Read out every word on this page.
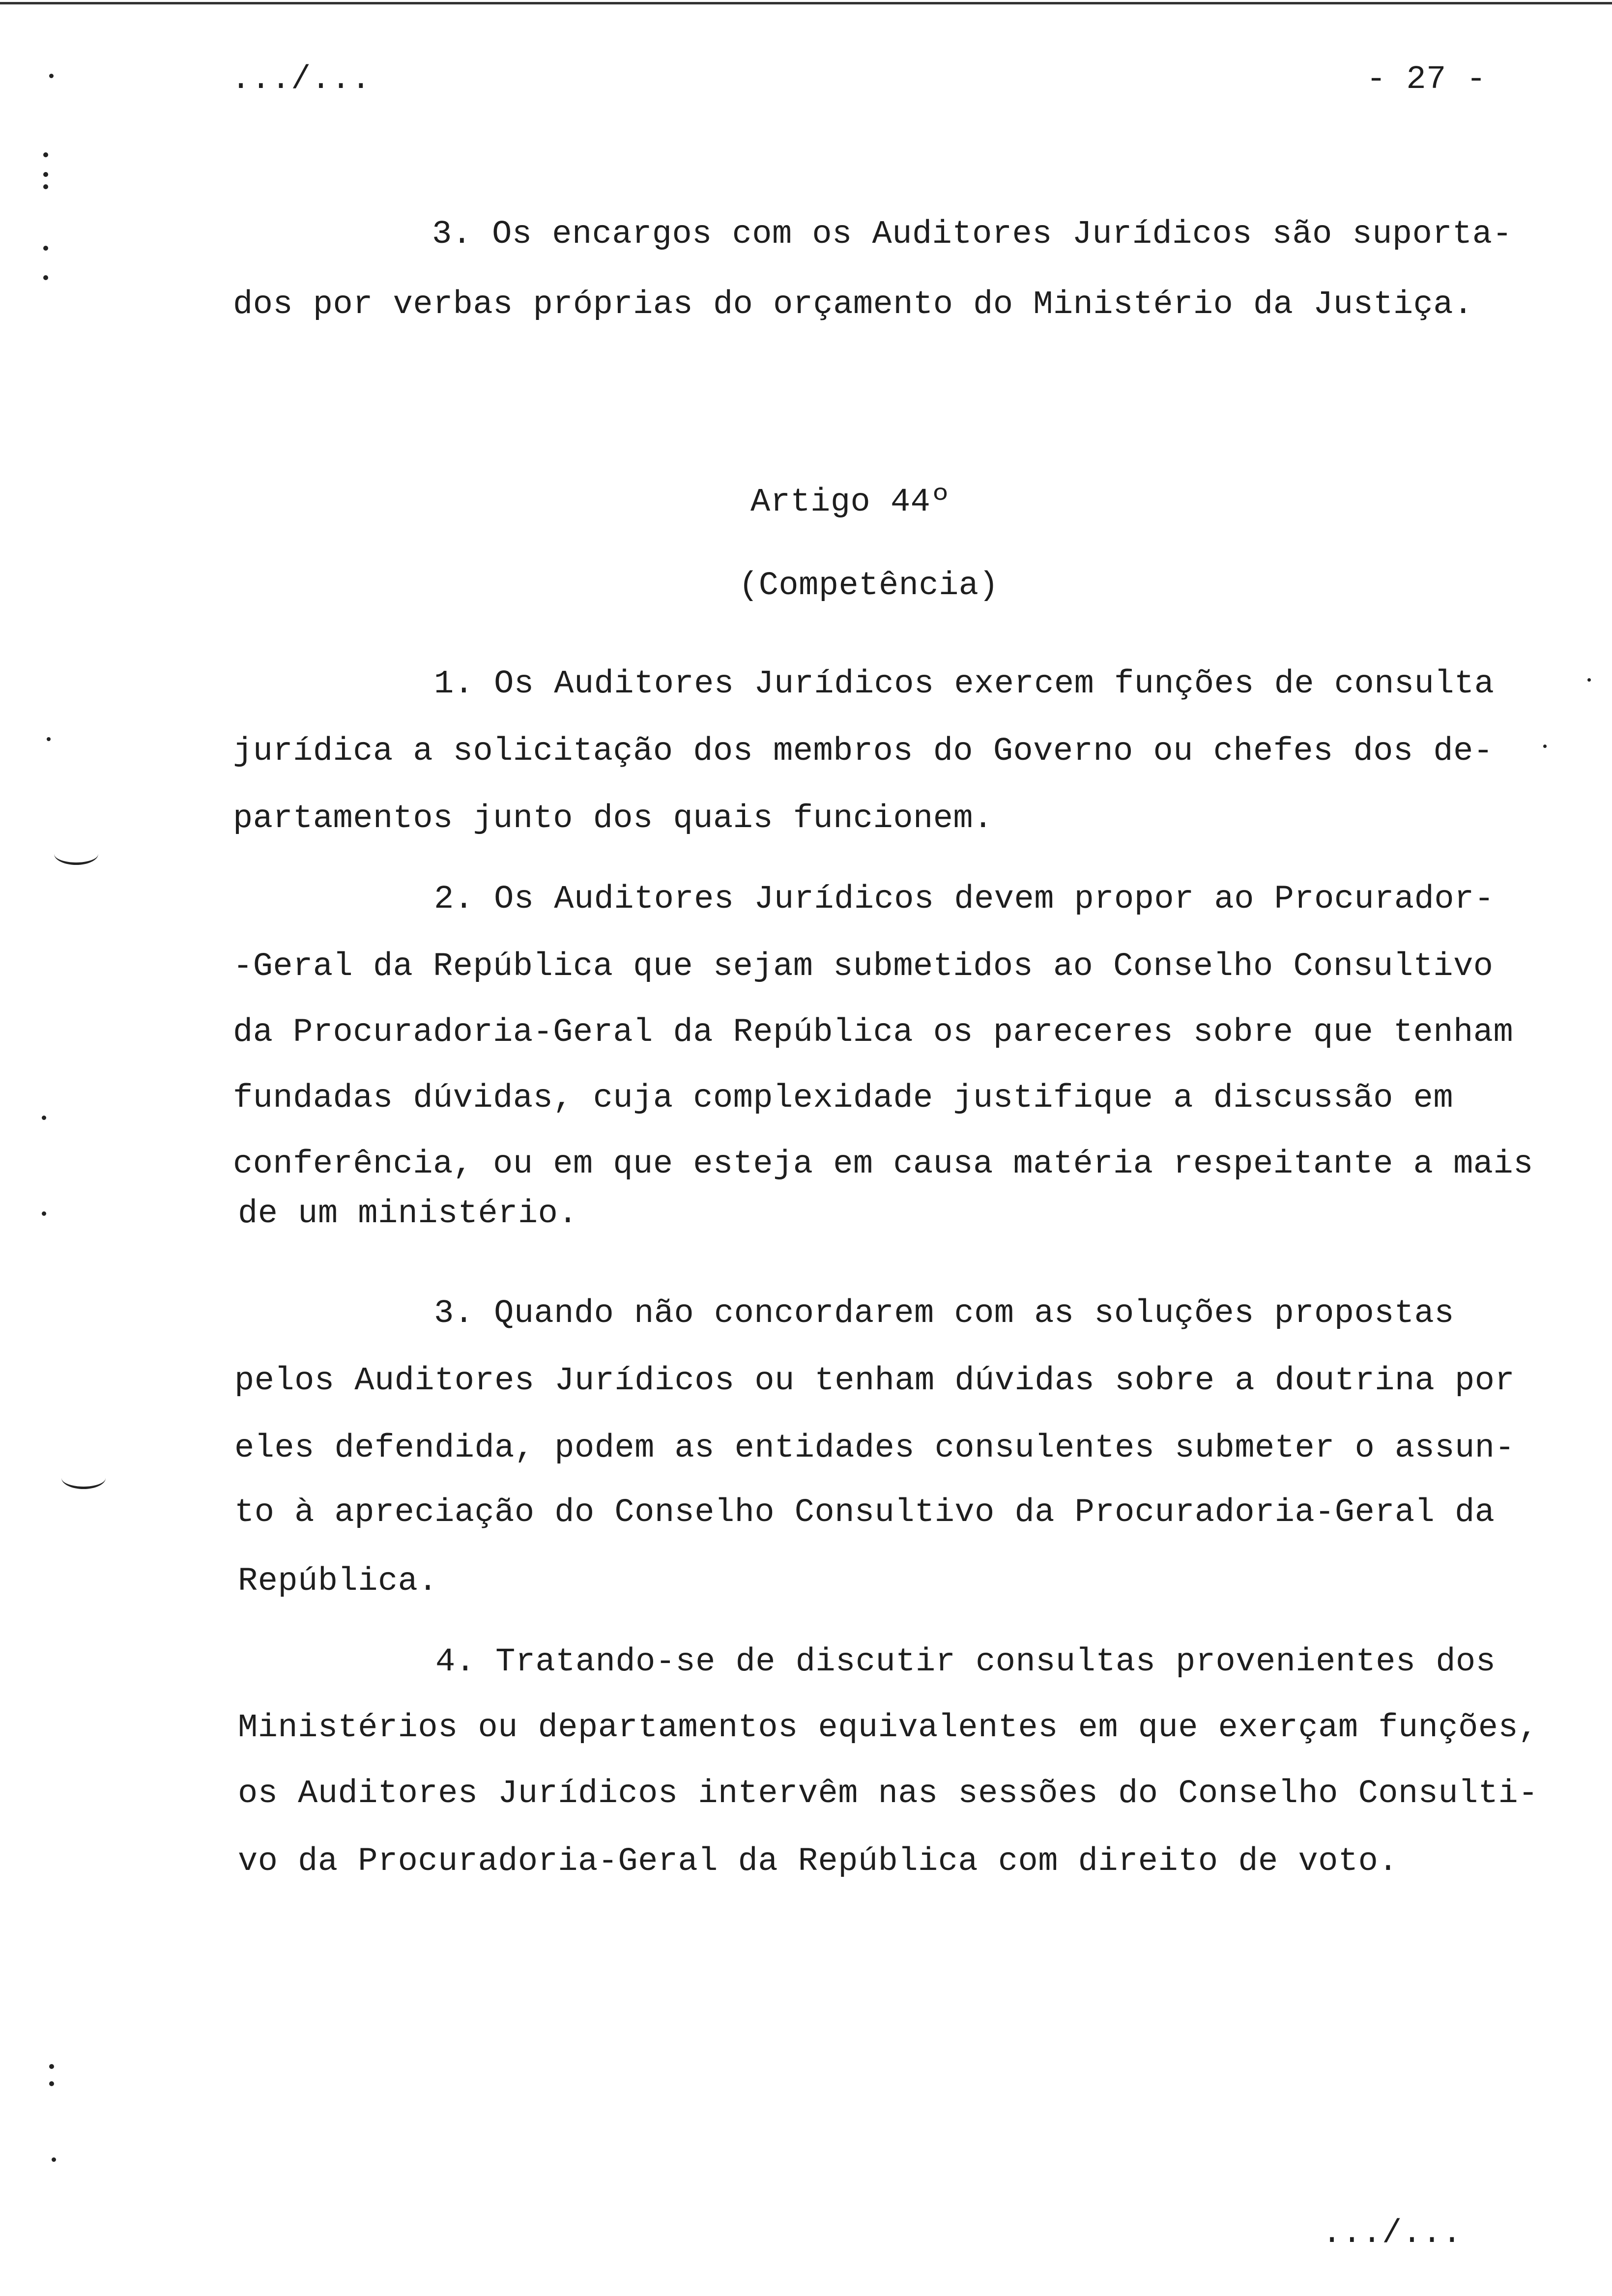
.../...	- 27 -
3. Os encargos com os Auditores Jurídicos são suporta-
dos por verbas próprias do orçamento do Ministério da Justiça.
Artigo 44º
(Competência)
1. Os Auditores Jurídicos exercem funções de consulta
jurídica a solicitação dos membros do Governo ou chefes dos de-
partamentos junto dos quais funcionem.
2. Os Auditores Jurídicos devem propor ao Procurador-
-Geral da República que sejam submetidos ao Conselho Consultivo
da Procuradoria-Geral da República os pareceres sobre que tenham
fundadas dúvidas, cuja complexidade justifique a discussão em
conferência, ou em que esteja em causa matéria respeitante a mais
de um ministério.
3. Quando não concordarem com as soluções propostas
pelos Auditores Jurídicos ou tenham dúvidas sobre a doutrina por
eles defendida, podem as entidades consulentes submeter o assun-
to à apreciação do Conselho Consultivo da Procuradoria-Geral da
República.
4. Tratando-se de discutir consultas provenientes dos
Ministérios ou departamentos equivalentes em que exerçam funções,
os Auditores Jurídicos intervêm nas sessões do Conselho Consulti-
vo da Procuradoria-Geral da República com direito de voto.
.../...
